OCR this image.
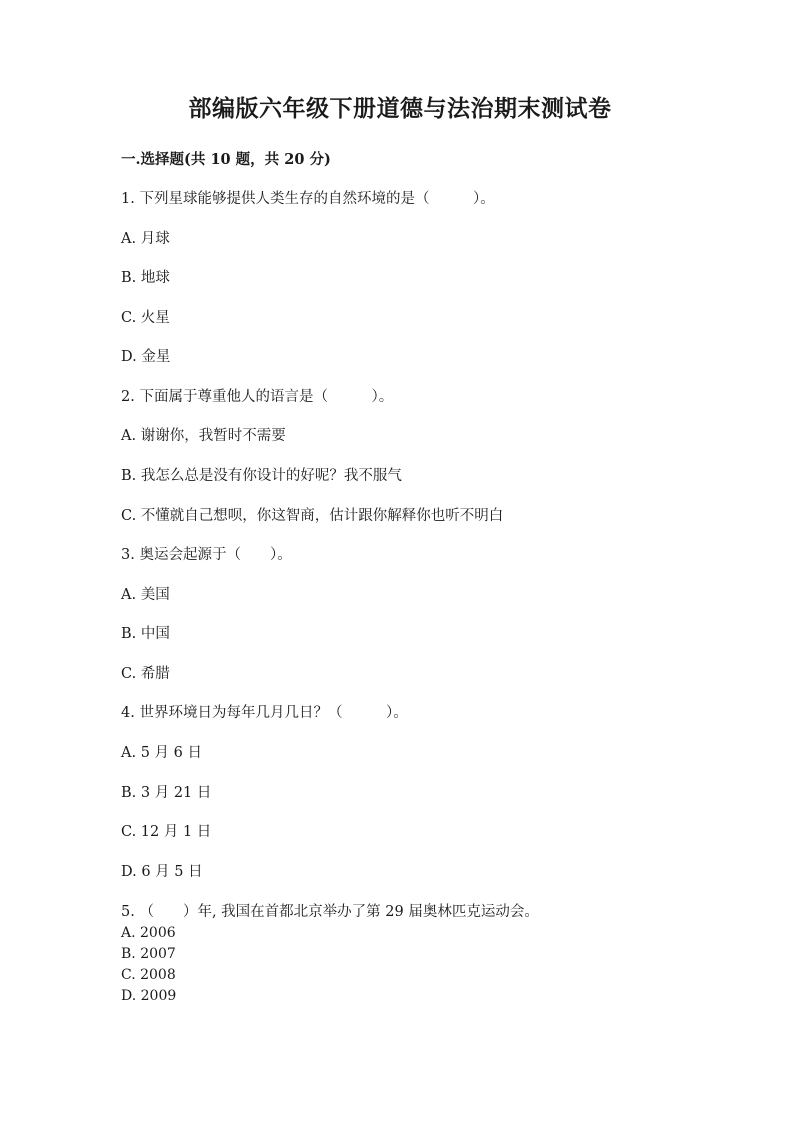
部编版六年级下册道德与法治期末测试卷
一.选择题(共 10 题，共 20 分)
1. 下列星球能够提供人类生存的自然环境的是（　　　）。
A. 月球
B. 地球
C. 火星
D. 金星
2. 下面属于尊重他人的语言是（　　　）。
A. 谢谢你，我暂时不需要
B. 我怎么总是没有你设计的好呢？我不服气
C. 不懂就自己想呗，你这智商，估计跟你解释你也听不明白
3. 奥运会起源于（　　）。
A. 美国
B. 中国
C. 希腊
4. 世界环境日为每年几月几日？（　　　）。
A. 5 月 6 日
B. 3 月 21 日
C. 12 月 1 日
D. 6 月 5 日
5. （　　）年, 我国在首都北京举办了第 29 届奥林匹克运动会。
A. 2006
B. 2007
C. 2008
D. 2009
